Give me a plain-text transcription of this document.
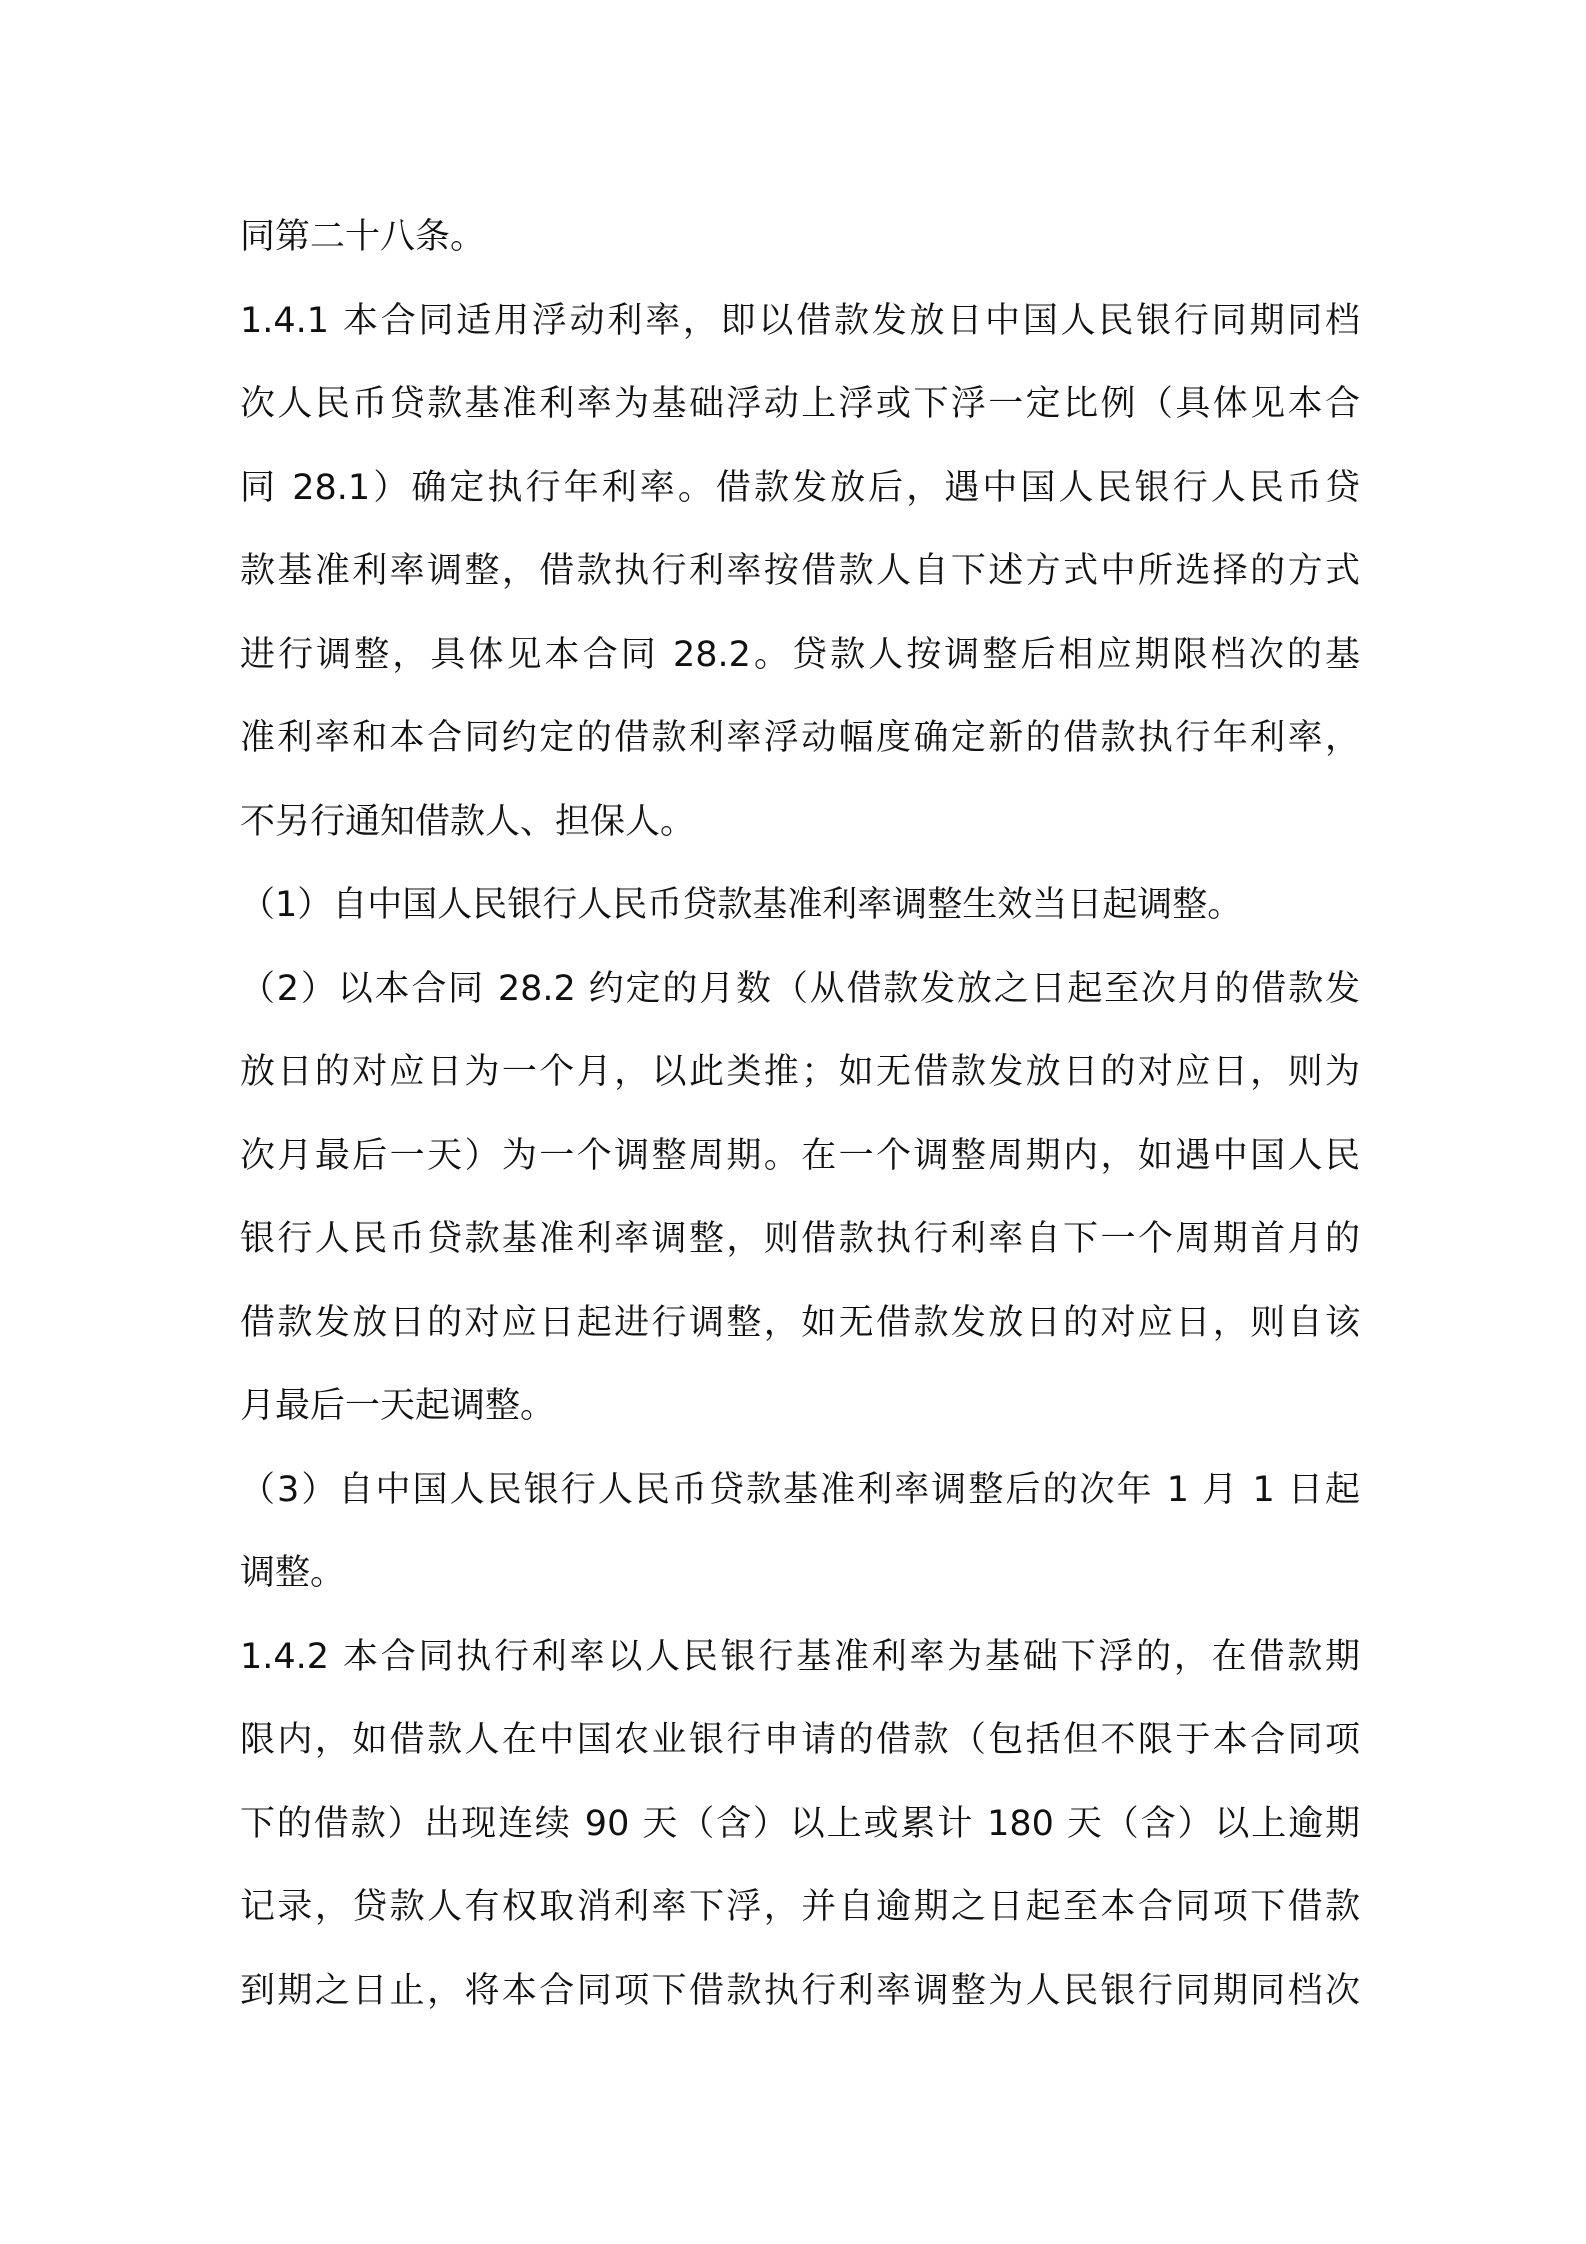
同第二十八条。
1.4.1 本合同适用浮动利率，即以借款发放日中国人民银行同期同档
次人民币贷款基准利率为基础浮动上浮或下浮一定比例（具体见本合
同 28.1）确定执行年利率。借款发放后，遇中国人民银行人民币贷
款基准利率调整，借款执行利率按借款人自下述方式中所选择的方式
进行调整，具体见本合同 28.2。贷款人按调整后相应期限档次的基
准利率和本合同约定的借款利率浮动幅度确定新的借款执行年利率，
不另行通知借款人、担保人。
（1）自中国人民银行人民币贷款基准利率调整生效当日起调整。
（2）以本合同 28.2 约定的月数（从借款发放之日起至次月的借款发
放日的对应日为一个月，以此类推；如无借款发放日的对应日，则为
次月最后一天）为一个调整周期。在一个调整周期内，如遇中国人民
银行人民币贷款基准利率调整，则借款执行利率自下一个周期首月的
借款发放日的对应日起进行调整，如无借款发放日的对应日，则自该
月最后一天起调整。
（3）自中国人民银行人民币贷款基准利率调整后的次年 1 月 1 日起
调整。
1.4.2 本合同执行利率以人民银行基准利率为基础下浮的，在借款期
限内，如借款人在中国农业银行申请的借款（包括但不限于本合同项
下的借款）出现连续 90 天（含）以上或累计 180 天（含）以上逾期
记录，贷款人有权取消利率下浮，并自逾期之日起至本合同项下借款
到期之日止，将本合同项下借款执行利率调整为人民银行同期同档次
